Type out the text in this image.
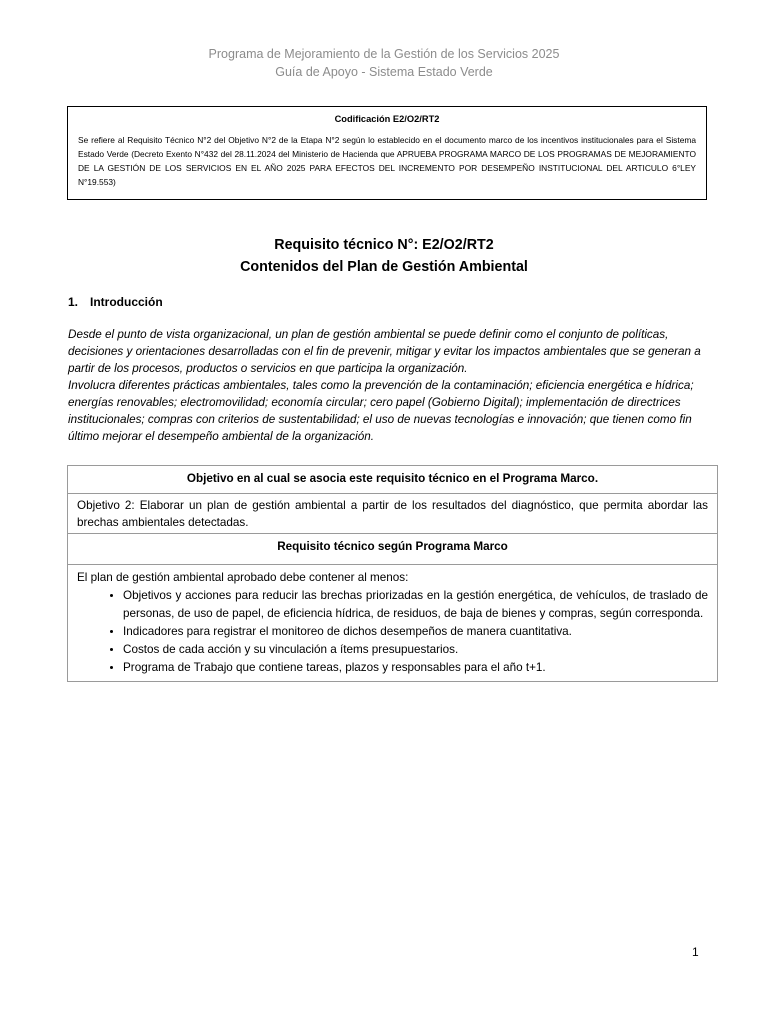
Programa de Mejoramiento de la Gestión de los Servicios 2025
Guía de Apoyo - Sistema Estado Verde
Codificación E2/O2/RT2
Se refiere al Requisito Técnico N°2 del Objetivo N°2 de la Etapa N°2 según lo establecido en el documento marco de los incentivos institucionales para el Sistema Estado Verde (Decreto Exento N°432 del 28.11.2024 del Ministerio de Hacienda que APRUEBA PROGRAMA MARCO DE LOS PROGRAMAS DE MEJORAMIENTO DE LA GESTIÓN DE LOS SERVICIOS EN EL AÑO 2025 PARA EFECTOS DEL INCREMENTO POR DESEMPEÑO INSTITUCIONAL DEL ARTICULO 6°LEY N°19.553)
Requisito técnico N°: E2/O2/RT2
Contenidos del Plan de Gestión Ambiental
1. Introducción

Desde el punto de vista organizacional, un plan de gestión ambiental se puede definir como el conjunto de políticas, decisiones y orientaciones desarrolladas con el fin de prevenir, mitigar y evitar los impactos ambientales que se generan a partir de los procesos, productos o servicios en que participa la organización.

Involucra diferentes prácticas ambientales, tales como la prevención de la contaminación; eficiencia energética e hídrica; energías renovables; electromovilidad; economía circular; cero papel (Gobierno Digital); implementación de directrices institucionales; compras con criterios de sustentabilidad; el uso de nuevas tecnologías e innovación; que tienen como fin último mejorar el desempeño ambiental de la organización.

Objetivo en al cual se asocia este requisito técnico en el Programa Marco.
Objetivo 2: Elaborar un plan de gestión ambiental a partir de los resultados del diagnóstico, que permita abordar las brechas ambientales detectadas.
Requisito técnico según Programa Marco

El plan de gestión ambiental aprobado debe contener al menos:
• Objetivos y acciones para reducir las brechas priorizadas en la gestión energética, de vehículos, de traslado de personas, de uso de papel, de eficiencia hídrica, de residuos, de baja de bienes y compras, según corresponda.
• Indicadores para registrar el monitoreo de dichos desempeños de manera cuantitativa.
• Costos de cada acción y su vinculación a ítems presupuestarios.
• Programa de Trabajo que contiene tareas, plazos y responsables para el año t+1.
1
